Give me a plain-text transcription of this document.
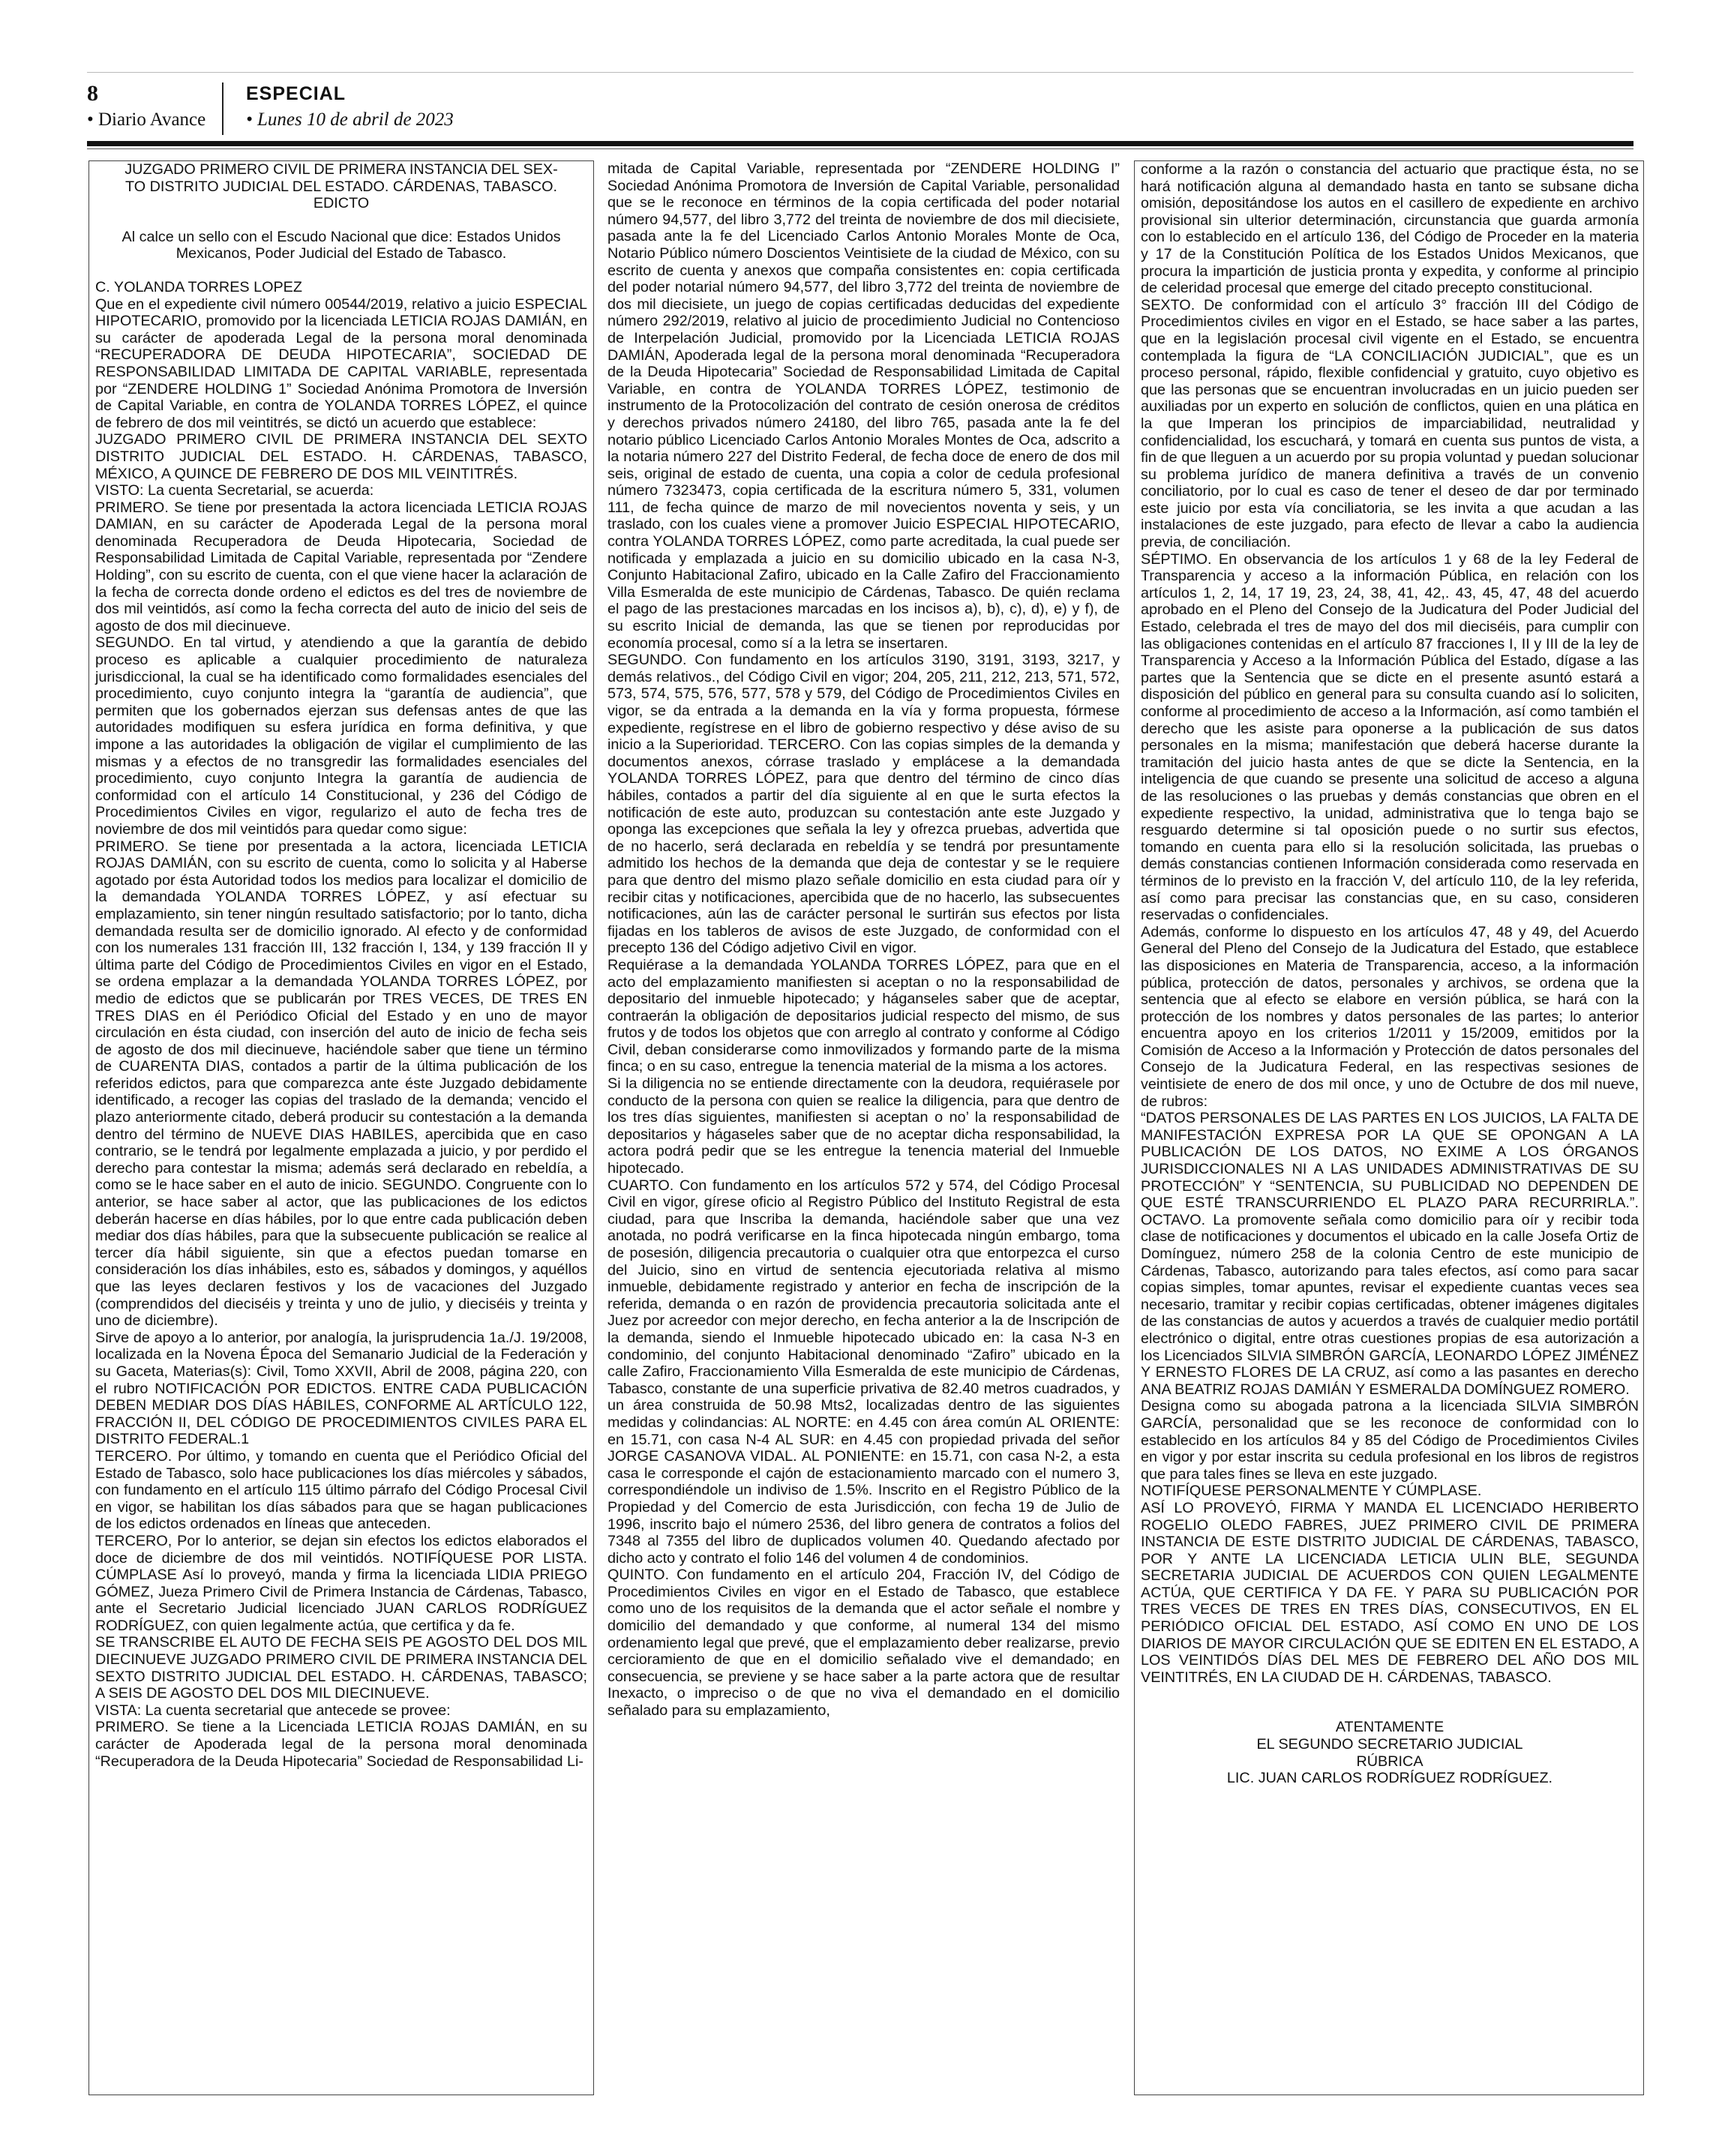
8
• Diario Avance
ESPECIAL
• Lunes 10 de abril de 2023

JUZGADO PRIMERO CIVIL DE PRIMERA INSTANCIA DEL SEX-

TO DISTRITO JUDICIAL DEL ESTADO. CÁRDENAS, TABASCO.

EDICTO

Al calce un sello con el Escudo Nacional que dice: Estados Unidos Mexicanos, Poder Judicial del Estado de Tabasco.

C. YOLANDA TORRES LOPEZ

Que en el expediente civil número 00544/2019, relativo a juicio ESPECIAL HIPOTECARIO, promovido por la licenciada LETICIA ROJAS DAMIÁN, en su carácter de apoderada Legal de la persona moral denominada “RECUPERADORA DE DEUDA HIPOTECARIA”, SOCIEDAD DE RESPONSABILIDAD LIMITADA DE CAPITAL VARIABLE, representada por “ZENDERE HOLDING 1” Sociedad Anónima Promotora de Inversión de Capital Variable, en contra de YOLANDA TORRES LÓPEZ, el quince de febrero de dos mil veintitrés, se dictó un acuerdo que establece:

JUZGADO PRIMERO CIVIL DE PRIMERA INSTANCIA DEL SEXTO DISTRITO JUDICIAL DEL ESTADO. H. CÁRDENAS, TABASCO, MÉXICO, A QUINCE DE FEBRERO DE DOS MIL VEINTITRÉS.

VISTO: La cuenta Secretarial, se acuerda:

PRIMERO. Se tiene por presentada la actora licenciada LETICIA ROJAS DAMIAN, en su carácter de Apoderada Legal de la persona moral denominada Recuperadora de Deuda Hipotecaria, Sociedad de Responsabilidad Limitada de Capital Variable, representada por “Zendere Holding”, con su escrito de cuenta, con el que viene hacer la aclaración de la fecha de correcta donde ordeno el edictos es del tres de noviembre de dos mil veintidós, así como la fecha correcta del auto de inicio del seis de agosto de dos mil diecinueve.

SEGUNDO. En tal virtud, y atendiendo a que la garantía de debido proceso es aplicable a cualquier procedimiento de naturaleza jurisdiccional, la cual se ha identificado como formalidades esenciales del procedimiento, cuyo conjunto integra la “garantía de audiencia”, que permiten que los gobernados ejerzan sus defensas antes de que las autoridades modifiquen su esfera jurídica en forma definitiva, y que impone a las autoridades la obligación de vigilar el cumplimiento de las mismas y a efectos de no transgredir las formalidades esenciales del procedimiento, cuyo conjunto Integra la garantía de audiencia de conformidad con el artículo 14 Constitucional, y 236 del Código de Procedimientos Civiles en vigor, regularizo el auto de fecha tres de noviembre de dos mil veintidós para quedar como sigue:

PRIMERO. Se tiene por presentada a la actora, licenciada LETICIA ROJAS DAMIÁN, con su escrito de cuenta, como lo solicita y al Haberse agotado por ésta Autoridad todos los medios para localizar el domicilio de la demandada YOLANDA TORRES LÓPEZ, y así efectuar su emplazamiento, sin tener ningún resultado satisfactorio; por lo tanto, dicha demandada resulta ser de domicilio ignorado. Al efecto y de conformidad con los numerales 131 fracción III, 132 fracción I, 134, y 139 fracción II y última parte del Código de Procedimientos Civiles en vigor en el Estado, se ordena emplazar a la demandada YOLANDA TORRES LÓPEZ, por medio de edictos que se publicarán por TRES VECES, DE TRES EN TRES DIAS en él Periódico Oficial del Estado y en uno de mayor circulación en ésta ciudad, con inserción del auto de inicio de fecha seis de agosto de dos mil diecinueve, haciéndole saber que tiene un término de CUARENTA DIAS, contados a partir de la última publicación de los referidos edictos, para que comparezca ante éste Juzgado debidamente identificado, a recoger las copias del traslado de la demanda; vencido el plazo anteriormente citado, deberá producir su contestación a la demanda dentro del término de NUEVE DIAS HABILES, apercibida que en caso contrario, se le tendrá por legalmente emplazada a juicio, y por perdido el derecho para contestar la misma; además será declarado en rebeldía, a como se le hace saber en el auto de inicio. SEGUNDO. Congruente con lo anterior, se hace saber al actor, que las publicaciones de los edictos deberán hacerse en días hábiles, por lo que entre cada publicación deben mediar dos días hábiles, para que la subsecuente publicación se realice al tercer día hábil siguiente, sin que a efectos puedan tomarse en consideración los días inhábiles, esto es, sábados y domingos, y aquéllos que las leyes declaren festivos y los de vacaciones del Juzgado (comprendidos del dieciséis y treinta y uno de julio, y dieciséis y treinta y uno de diciembre).

Sirve de apoyo a lo anterior, por analogía, la jurisprudencia 1a./J. 19/2008, localizada en la Novena Época del Semanario Judicial de la Federación y su Gaceta, Materias(s): Civil, Tomo XXVII, Abril de 2008, página 220, con el rubro NOTIFICACIÓN POR EDICTOS. ENTRE CADA PUBLICACIÓN DEBEN MEDIAR DOS DÍAS HÁBILES, CONFORME AL ARTÍCULO 122, FRACCIÓN II, DEL CÓDIGO DE PROCEDIMIENTOS CIVILES PARA EL DISTRITO FEDERAL.1

TERCERO. Por último, y tomando en cuenta que el Periódico Oficial del Estado de Tabasco, solo hace publicaciones los días miércoles y sábados, con fundamento en el artículo 115 último párrafo del Código Procesal Civil en vigor, se habilitan los días sábados para que se hagan publicaciones de los edictos ordenados en líneas que anteceden.

TERCERO, Por lo anterior, se dejan sin efectos los edictos elaborados el doce de diciembre de dos mil veintidós. NOTIFÍQUESE POR LISTA. CÚMPLASE Así lo proveyó, manda y firma la licenciada LIDIA PRIEGO GÓMEZ, Jueza Primero Civil de Primera Instancia de Cárdenas, Tabasco, ante el Secretario Judicial licenciado JUAN CARLOS RODRÍGUEZ RODRÍGUEZ, con quien legalmente actúa, que certifica y da fe.

SE TRANSCRIBE EL AUTO DE FECHA SEIS PE AGOSTO DEL DOS MIL DIECINUEVE JUZGADO PRIMERO CIVIL DE PRIMERA INSTANCIA DEL SEXTO DISTRITO JUDICIAL DEL ESTADO. H. CÁRDENAS, TABASCO; A SEIS DE AGOSTO DEL DOS MIL DIECINUEVE.

VISTA: La cuenta secretarial que antecede se provee:

PRIMERO. Se tiene a la Licenciada LETICIA ROJAS DAMIÁN, en su carácter de Apoderada legal de la persona moral denominada “Recuperadora de la Deuda Hipotecaria” Sociedad de Responsabilidad Li-

mitada de Capital Variable, representada por “ZENDERE HOLDING I” Sociedad Anónima Promotora de Inversión de Capital Variable, personalidad que se le reconoce en términos de la copia certificada del poder notarial número 94,577, del libro 3,772 del treinta de noviembre de dos mil diecisiete, pasada ante la fe del Licenciado Carlos Antonio Morales Monte de Oca, Notario Público número Doscientos Veintisiete de la ciudad de México, con su escrito de cuenta y anexos que compaña consistentes en: copia certificada del poder notarial número 94,577, del libro 3,772 del treinta de noviembre de dos mil diecisiete, un juego de copias certificadas deducidas del expediente número 292/2019, relativo al juicio de procedimiento Judicial no Contencioso de Interpelación Judicial, promovido por la Licenciada LETICIA ROJAS DAMIÁN, Apoderada legal de la persona moral denominada “Recuperadora de la Deuda Hipotecaria” Sociedad de Responsabilidad Limitada de Capital Variable, en contra de YOLANDA TORRES LÓPEZ, testimonio de instrumento de la Protocolización del contrato de cesión onerosa de créditos y derechos privados número 24180, del libro 765, pasada ante la fe del notario público Licenciado Carlos Antonio Morales Montes de Oca, adscrito a la notaria número 227 del Distrito Federal, de fecha doce de enero de dos mil seis, original de estado de cuenta, una copia a color de cedula profesional número 7323473, copia certificada de la escritura número 5, 331, volumen 111, de fecha quince de marzo de mil novecientos noventa y seis, y un traslado, con los cuales viene a promover Juicio ESPECIAL HIPOTECARIO, contra YOLANDA TORRES LÓPEZ, como parte acreditada, la cual puede ser notificada y emplazada a juicio en su domicilio ubicado en la casa N-3, Conjunto Habitacional Zafiro, ubicado en la Calle Zafiro del Fraccionamiento Villa Esmeralda de este municipio de Cárdenas, Tabasco. De quién reclama el pago de las prestaciones marcadas en los incisos a), b), c), d), e) y f), de su escrito Inicial de demanda, las que se tienen por reproducidas por economía procesal, como sí a la letra se insertaren.

SEGUNDO. Con fundamento en los artículos 3190, 3191, 3193, 3217, y demás relativos., del Código Civil en vigor; 204, 205, 211, 212, 213, 571, 572, 573, 574, 575, 576, 577, 578 y 579, del Código de Procedimientos Civiles en vigor, se da entrada a la demanda en la vía y forma propuesta, fórmese expediente, regístrese en el libro de gobierno respectivo y dése aviso de su inicio a la Superioridad. TERCERO. Con las copias simples de la demanda y documentos anexos, córrase traslado y emplácese a la demandada YOLANDA TORRES LÓPEZ, para que dentro del término de cinco días hábiles, contados a partir del día siguiente al en que le surta efectos la notificación de este auto, produzcan su contestación ante este Juzgado y oponga las excepciones que señala la ley y ofrezca pruebas, advertida que de no hacerlo, será declarada en rebeldía y se tendrá por presuntamente admitido los hechos de la demanda que deja de contestar y se le requiere para que dentro del mismo plazo señale domicilio en esta ciudad para oír y recibir citas y notificaciones, apercibida que de no hacerlo, las subsecuentes notificaciones, aún las de carácter personal le surtirán sus efectos por lista fijadas en los tableros de avisos de este Juzgado, de conformidad con el precepto 136 del Código adjetivo Civil en vigor.

Requiérase a la demandada YOLANDA TORRES LÓPEZ, para que en el acto del emplazamiento manifiesten si aceptan o no la responsabilidad de depositario del inmueble hipotecado; y háganseles saber que de aceptar, contraerán la obligación de depositarios judicial respecto del mismo, de sus frutos y de todos los objetos que con arreglo al contrato y conforme al Código Civil, deban considerarse como inmovilizados y formando parte de la misma finca; o en su caso, entregue la tenencia material de la misma a los actores.

Si la diligencia no se entiende directamente con la deudora, requiérasele por conducto de la persona con quien se realice la diligencia, para que dentro de los tres días siguientes, manifiesten si aceptan o no’ la responsabilidad de depositarios y hágaseles saber que de no aceptar dicha responsabilidad, la actora podrá pedir que se les entregue la tenencia material del Inmueble hipotecado.

CUARTO. Con fundamento en los artículos 572 y 574, del Código Procesal Civil en vigor, gírese oficio al Registro Público del Instituto Registral de esta ciudad, para que Inscriba la demanda, haciéndole saber que una vez anotada, no podrá verificarse en la finca hipotecada ningún embargo, toma de posesión, diligencia precautoria o cualquier otra que entorpezca el curso del Juicio, sino en virtud de sentencia ejecutoriada relativa al mismo inmueble, debidamente registrado y anterior en fecha de inscripción de la referida, demanda o en razón de providencia precautoria solicitada ante el Juez por acreedor con mejor derecho, en fecha anterior a la de Inscripción de la demanda, siendo el Inmueble hipotecado ubicado en: la casa N-3 en condominio, del conjunto Habitacional denominado “Zafiro” ubicado en la calle Zafiro, Fraccionamiento Villa Esmeralda de este municipio de Cárdenas, Tabasco, constante de una superficie privativa de 82.40 metros cuadrados, y un área construida de 50.98 Mts2, localizadas dentro de las siguientes medidas y colindancias: AL NORTE: en 4.45 con área común AL ORIENTE: en 15.71, con casa N-4 AL SUR: en 4.45 con propiedad privada del señor JORGE CASANOVA VIDAL. AL PONIENTE: en 15.71, con casa N-2, a esta casa le corresponde el cajón de estacionamiento marcado con el numero 3, correspondiéndole un indiviso de 1.5%. Inscrito en el Registro Público de la Propiedad y del Comercio de esta Jurisdicción, con fecha 19 de Julio de 1996, inscrito bajo el número 2536, del libro genera de contratos a folios del 7348 al 7355 del libro de duplicados volumen 40. Quedando afectado por dicho acto y contrato el folio 146 del volumen 4 de condominios.

QUINTO. Con fundamento en el artículo 204, Fracción IV, del Código de Procedimientos Civiles en vigor en el Estado de Tabasco, que establece como uno de los requisitos de la demanda que el actor señale el nombre y domicilio del demandado y que conforme, al numeral 134 del mismo ordenamiento legal que prevé, que el emplazamiento deber realizarse, previo cercioramiento de que en el domicilio señalado vive el demandado; en consecuencia, se previene y se hace saber a la parte actora que de resultar Inexacto, o impreciso o de que no viva el demandado en el domicilio señalado para su emplazamiento,

conforme a la razón o constancia del actuario que practique ésta, no se hará notificación alguna al demandado hasta en tanto se subsane dicha omisión, depositándose los autos en el casillero de expediente en archivo provisional sin ulterior determinación, circunstancia que guarda armonía con lo establecido en el artículo 136, del Código de Proceder en la materia y 17 de la Constitución Política de los Estados Unidos Mexicanos, que procura la impartición de justicia pronta y expedita, y conforme al principio de celeridad procesal que emerge del citado precepto constitucional.

SEXTO. De conformidad con el artículo 3° fracción III del Código de Procedimientos civiles en vigor en el Estado, se hace saber a las partes, que en la legislación procesal civil vigente en el Estado, se encuentra contemplada la figura de “LA CONCILIACIÓN JUDICIAL”, que es un proceso personal, rápido, flexible confidencial y gratuito, cuyo objetivo es que las personas que se encuentran involucradas en un juicio pueden ser auxiliadas por un experto en solución de conflictos, quien en una plática en la que Imperan los principios de imparciabilidad, neutralidad y confidencialidad, los escuchará, y tomará en cuenta sus puntos de vista, a fin de que lleguen a un acuerdo por su propia voluntad y puedan solucionar su problema jurídico de manera definitiva a través de un convenio conciliatorio, por lo cual es caso de tener el deseo de dar por terminado este juicio por esta vía conciliatoria, se les invita a que acudan a las instalaciones de este juzgado, para efecto de llevar a cabo la audiencia previa, de conciliación.

SÉPTIMO. En observancia de los artículos 1 y 68 de la ley Federal de Transparencia y acceso a la información Pública, en relación con los artículos 1, 2, 14, 17 19, 23, 24, 38, 41, 42,. 43, 45, 47, 48 del acuerdo aprobado en el Pleno del Consejo de la Judicatura del Poder Judicial del Estado, celebrada el tres de mayo del dos mil dieciséis, para cumplir con las obligaciones contenidas en el artículo 87 fracciones I, II y III de la ley de Transparencia y Acceso a la Información Pública del Estado, dígase a las partes que la Sentencia que se dicte en el presente asuntó estará a disposición del público en general para su consulta cuando así lo soliciten, conforme al procedimiento de acceso a la Información, así como también el derecho que les asiste para oponerse a la publicación de sus datos personales en la misma; manifestación que deberá hacerse durante la tramitación del juicio hasta antes de que se dicte la Sentencia, en la inteligencia de que cuando se presente una solicitud de acceso a alguna de las resoluciones o las pruebas y demás constancias que obren en el expediente respectivo, la unidad, administrativa que lo tenga bajo se resguardo determine si tal oposición puede o no surtir sus efectos, tomando en cuenta para ello si la resolución solicitada, las pruebas o demás constancias contienen Información considerada como reservada en términos de lo previsto en la fracción V, del artículo 110, de la ley referida, así como para precisar las constancias que, en su caso, consideren reservadas o confidenciales.

Además, conforme lo dispuesto en los artículos 47, 48 y 49, del Acuerdo General del Pleno del Consejo de la Judicatura del Estado, que establece las disposiciones en Materia de Transparencia, acceso, a la información pública, protección de datos, personales y archivos, se ordena que la sentencia que al efecto se elabore en versión pública, se hará con la protección de los nombres y datos personales de las partes; lo anterior encuentra apoyo en los criterios 1/2011 y 15/2009, emitidos por la Comisión de Acceso a la Información y Protección de datos personales del Consejo de la Judicatura Federal, en las respectivas sesiones de veintisiete de enero de dos mil once, y uno de Octubre de dos mil nueve, de rubros:

“DATOS PERSONALES DE LAS PARTES EN LOS JUICIOS, LA FALTA DE MANIFESTACIÓN EXPRESA POR LA QUE SE OPONGAN A LA PUBLICACIÓN DE LOS DATOS, NO EXIME A LOS ÓRGANOS JURISDICCIONALES NI A LAS UNIDADES ADMINISTRATIVAS DE SU PROTECCIÓN” Y “SENTENCIA, SU PUBLICIDAD NO DEPENDEN DE QUE ESTÉ TRANSCURRIENDO EL PLAZO PARA RECURRIRLA.”. OCTAVO. La promovente señala como domicilio para oír y recibir toda clase de notificaciones y documentos el ubicado en la calle Josefa Ortiz de Domínguez, número 258 de la colonia Centro de este municipio de Cárdenas, Tabasco, autorizando para tales efectos, así como para sacar copias simples, tomar apuntes, revisar el expediente cuantas veces sea necesario, tramitar y recibir copias certificadas, obtener imágenes digitales de las constancias de autos y acuerdos a través de cualquier medio portátil electrónico o digital, entre otras cuestiones propias de esa autorización a los Licenciados SILVIA SIMBRÓN GARCÍA, LEONARDO LÓPEZ JIMÉNEZ Y ERNESTO FLORES DE LA CRUZ, así como a las pasantes en derecho ANA BEATRIZ ROJAS DAMIÁN Y ESMERALDA DOMÍNGUEZ ROMERO.

Designa como su abogada patrona a la licenciada SILVIA SIMBRÓN GARCÍA, personalidad que se les reconoce de conformidad con lo establecido en los artículos 84 y 85 del Código de Procedimientos Civiles en vigor y por estar inscrita su cedula profesional en los libros de registros que para tales fines se lleva en este juzgado.

NOTIFÍQUESE PERSONALMENTE Y CÚMPLASE.

ASÍ LO PROVEYÓ, FIRMA Y MANDA EL LICENCIADO HERIBERTO ROGELIO OLEDO FABRES, JUEZ PRIMERO CIVIL DE PRIMERA INSTANCIA DE ESTE DISTRITO JUDICIAL DE CÁRDENAS, TABASCO, POR Y ANTE LA LICENCIADA LETICIA ULIN BLE, SEGUNDA SECRETARIA JUDICIAL DE ACUERDOS CON QUIEN LEGALMENTE ACTÚA, QUE CERTIFICA Y DA FE. Y PARA SU PUBLICACIÓN POR TRES VECES DE TRES EN TRES DÍAS, CONSECUTIVOS, EN EL PERIÓDICO OFICIAL DEL ESTADO, ASÍ COMO EN UNO DE LOS DIARIOS DE MAYOR CIRCULACIÓN QUE SE EDITEN EN EL ESTADO, A LOS VEINTIDÓS DÍAS DEL MES DE FEBRERO DEL AÑO DOS MIL VEINTITRÉS, EN LA CIUDAD DE H. CÁRDENAS, TABASCO.

ATENTAMENTE

EL SEGUNDO SECRETARIO JUDICIAL

RÚBRICA

LIC. JUAN CARLOS RODRÍGUEZ RODRÍGUEZ.
